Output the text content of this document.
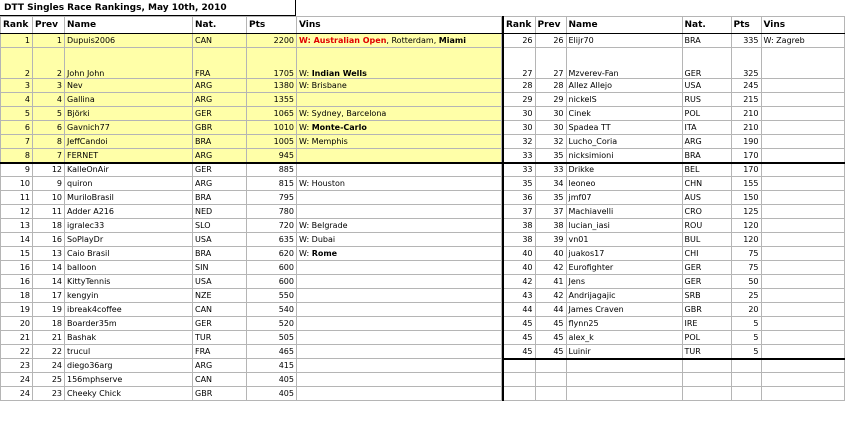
DTT Singles Race Rankings, May 10th, 2010
Rank	Prev	Name	Nat.	Pts	Vins
1	1	Dupuis2006	CAN	2200	W: Australian Open, Rotterdam, Miami
2	2	John John	FRA	1705	W: Indian Wells
3	3	Nev	ARG	1380	W: Brisbane
4	4	Gallina	ARG	1355	
5	5	Björki	GER	1065	W: Sydney, Barcelona
6	6	Gavnich77	GBR	1010	W: Monte-Carlo
7	8	JeffCandoi	BRA	1005	W: Memphis
8	7	FERNET	ARG	945	
9	12	KalleOnAir	GER	885	
10	9	quiron	ARG	815	W: Houston
11	10	MuriloBrasil	BRA	795	
12	11	Adder A216	NED	780	
13	18	igralec33	SLO	720	W: Belgrade
14	16	SoPlayDr	USA	635	W: Dubai
15	13	Caio Brasil	BRA	620	W: Rome
16	14	balloon	SIN	600	
16	14	KittyTennis	USA	600	
18	17	kengyin	NZE	550	
19	19	ibreak4coffee	CAN	540	
20	18	Boarder35m	GER	520	
21	21	Bashak	TUR	505	
22	22	trucul	FRA	465	
23	24	diego36arg	ARG	415	
24	25	156mphserve	CAN	405	
24	23	Cheeky Chick	GBR	405	
Rank	Prev	Name	Nat.	Pts	Vins
26	26	Elijr70	BRA	335	W: Zagreb
27	27	Mzverev-Fan	GER	325	
28	28	Allez Allejo	USA	245	
29	29	nickelS	RUS	215	
30	30	Cinek	POL	210	
30	30	Spadea TT	ITA	210	
32	32	Lucho_Coria	ARG	190	
33	35	nicksimioni	BRA	170	
33	33	Drikke	BEL	170	
35	34	leoneo	CHN	155	
36	35	jmf07	AUS	150	
37	37	Machiavelli	CRO	125	
38	38	lucian_iasi	ROU	120	
38	39	vn01	BUL	120	
40	40	juakos17	CHI	75	
40	42	Eurofighter	GER	75	
42	41	Jens	GER	50	
43	42	Andrijagajic	SRB	25	
44	44	James Craven	GBR	20	
45	45	flynn25	IRE	5	
45	45	alex_k	POL	5	
45	45	Luinir	TUR	5	
